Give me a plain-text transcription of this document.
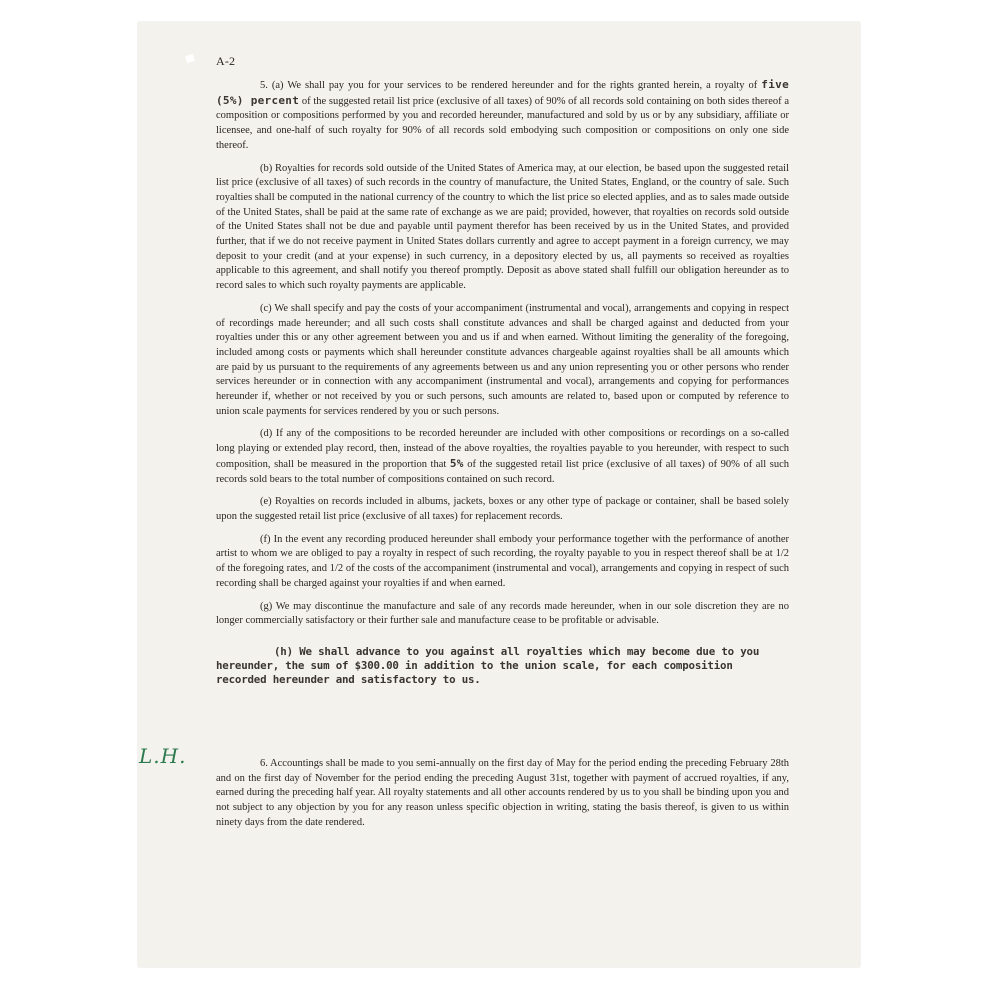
A-2

5. (a) We shall pay you for your services to be rendered hereunder and for the rights granted herein, a royalty of five (5%) percent of the suggested retail list price (exclusive of all taxes) of 90% of all records sold containing on both sides thereof a composition or compositions performed by you and recorded hereunder, manufactured and sold by us or by any subsidiary, affiliate or licensee, and one-half of such royalty for 90% of all records sold embodying such composition or compositions on only one side thereof.

(b) Royalties for records sold outside of the United States of America may, at our election, be based upon the suggested retail list price (exclusive of all taxes) of such records in the country of manufacture, the United States, England, or the country of sale. Such royalties shall be computed in the national currency of the country to which the list price so elected applies, and as to sales made outside of the United States, shall be paid at the same rate of exchange as we are paid; provided, however, that royalties on records sold outside of the United States shall not be due and payable until payment therefor has been received by us in the United States, and provided further, that if we do not receive payment in United States dollars currently and agree to accept payment in a foreign currency, we may deposit to your credit (and at your expense) in such currency, in a depository elected by us, all payments so received as royalties applicable to this agreement, and shall notify you thereof promptly. Deposit as above stated shall fulfill our obligation hereunder as to record sales to which such royalty payments are applicable.

(c) We shall specify and pay the costs of your accompaniment (instrumental and vocal), arrangements and copying in respect of recordings made hereunder; and all such costs shall constitute advances and shall be charged against and deducted from your royalties under this or any other agreement between you and us if and when earned. Without limiting the generality of the foregoing, included among costs or payments which shall hereunder constitute advances chargeable against royalties shall be all amounts which are paid by us pursuant to the requirements of any agreements between us and any union representing you or other persons who render services hereunder or in connection with any accompaniment (instrumental and vocal), arrangements and copying for performances hereunder if, whether or not received by you or such persons, such amounts are related to, based upon or computed by reference to union scale payments for services rendered by you or such persons.

(d) If any of the compositions to be recorded hereunder are included with other compositions or recordings on a so-called long playing or extended play record, then, instead of the above royalties, the royalties payable to you hereunder, with respect to such composition, shall be measured in the proportion that 5% of the suggested retail list price (exclusive of all taxes) of 90% of all such records sold bears to the total number of compositions contained on such record.

(e) Royalties on records included in albums, jackets, boxes or any other type of package or container, shall be based solely upon the suggested retail list price (exclusive of all taxes) for replacement records.

(f) In the event any recording produced hereunder shall embody your performance together with the performance of another artist to whom we are obliged to pay a royalty in respect of such recording, the royalty payable to you in respect thereof shall be at 1/2 of the foregoing rates, and 1/2 of the costs of the accompaniment (instrumental and vocal), arrangements and copying in respect of such recording shall be charged against your royalties if and when earned.

(g) We may discontinue the manufacture and sale of any records made hereunder, when in our sole discretion they are no longer commercially satisfactory or their further sale and manufacture cease to be profitable or advisable.

(h) We shall advance to you against all royalties which may become due to you hereunder, the sum of $300.00 in addition to the union scale, for each composition recorded hereunder and satisfactory to us.

6. Accountings shall be made to you semi-annually on the first day of May for the period ending the preceding February 28th and on the first day of November for the period ending the preceding August 31st, together with payment of accrued royalties, if any, earned during the preceding half year. All royalty statements and all other accounts rendered by us to you shall be binding upon you and not subject to any objection by you for any reason unless specific objection in writing, stating the basis thereof, is given to us within ninety days from the date rendered.

L.H.
